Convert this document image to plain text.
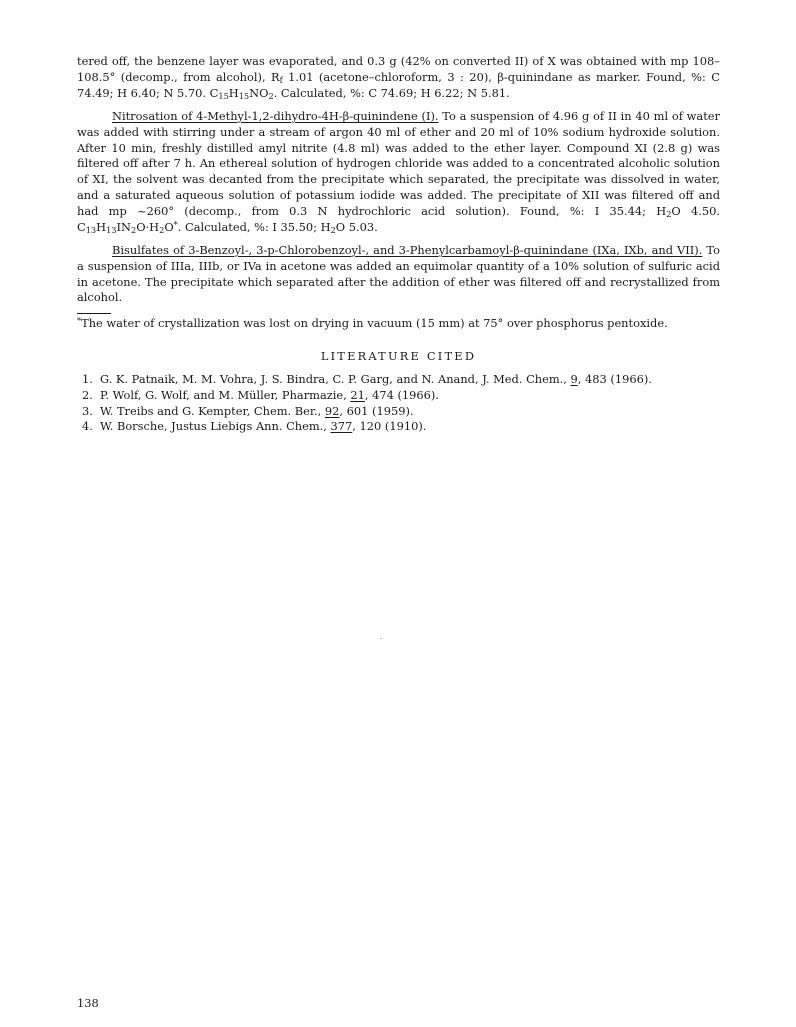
tered off, the benzene layer was evaporated, and 0.3 g (42% on converted II) of X was obtained with mp 108–108.5° (decomp., from alcohol), $R_f$ 1.01 (acetone–chloroform, 3 : 20), β-quinindane as marker. Found, %: C 74.49; H 6.40; N 5.70. $C_{15}H_{15}NO_2$. Calculated, %: C 74.69; H 6.22; N 5.81.

Nitrosation of 4-Methyl-1,2-dihydro-4H-β-quinindene (I). To a suspension of 4.96 g of II in 40 ml of water was added with stirring under a stream of argon 40 ml of ether and 20 ml of 10% sodium hydroxide solution. After 10 min, freshly distilled amyl nitrite (4.8 ml) was added to the ether layer. Compound XI (2.8 g) was filtered off after 7 h. An ethereal solution of hydrogen chloride was added to a concentrated alcoholic solution of XI, the solvent was decanted from the precipitate which separated, the precipitate was dissolved in water, and a saturated aqueous solution of potassium iodide was added. The precipitate of XII was filtered off and had mp ~260° (decomp., from 0.3 N hydrochloric acid solution). Found, %: I 35.44; $H_2O$ 4.50. $C_{13}H_{13}IN_2O\cdot H_2O^*$. Calculated, %: I 35.50; $H_2O$ 5.03.

Bisulfates of 3-Benzoyl-, 3-p-Chlorobenzoyl-, and 3-Phenylcarbamoyl-β-quinindane (IXa, IXb, and VII). To a suspension of IIIa, IIIb, or IVa in acetone was added an equimolar quantity of a 10% solution of sulfuric acid in acetone. The precipitate which separated after the addition of ether was filtered off and recrystallized from alcohol.

*The water of crystallization was lost on drying in vacuum (15 mm) at 75° over phosphorus pentoxide.

LITERATURE CITED

1. G. K. Patnaik, M. M. Vohra, J. S. Bindra, C. P. Garg, and N. Anand, J. Med. Chem., 9, 483 (1966).
2. P. Wolf, G. Wolf, and M. Müller, Pharmazie, 21, 474 (1966).
3. W. Treibs and G. Kempter, Chem. Ber., 92, 601 (1959).
4. W. Borsche, Justus Liebigs Ann. Chem., 377, 120 (1910).

138
